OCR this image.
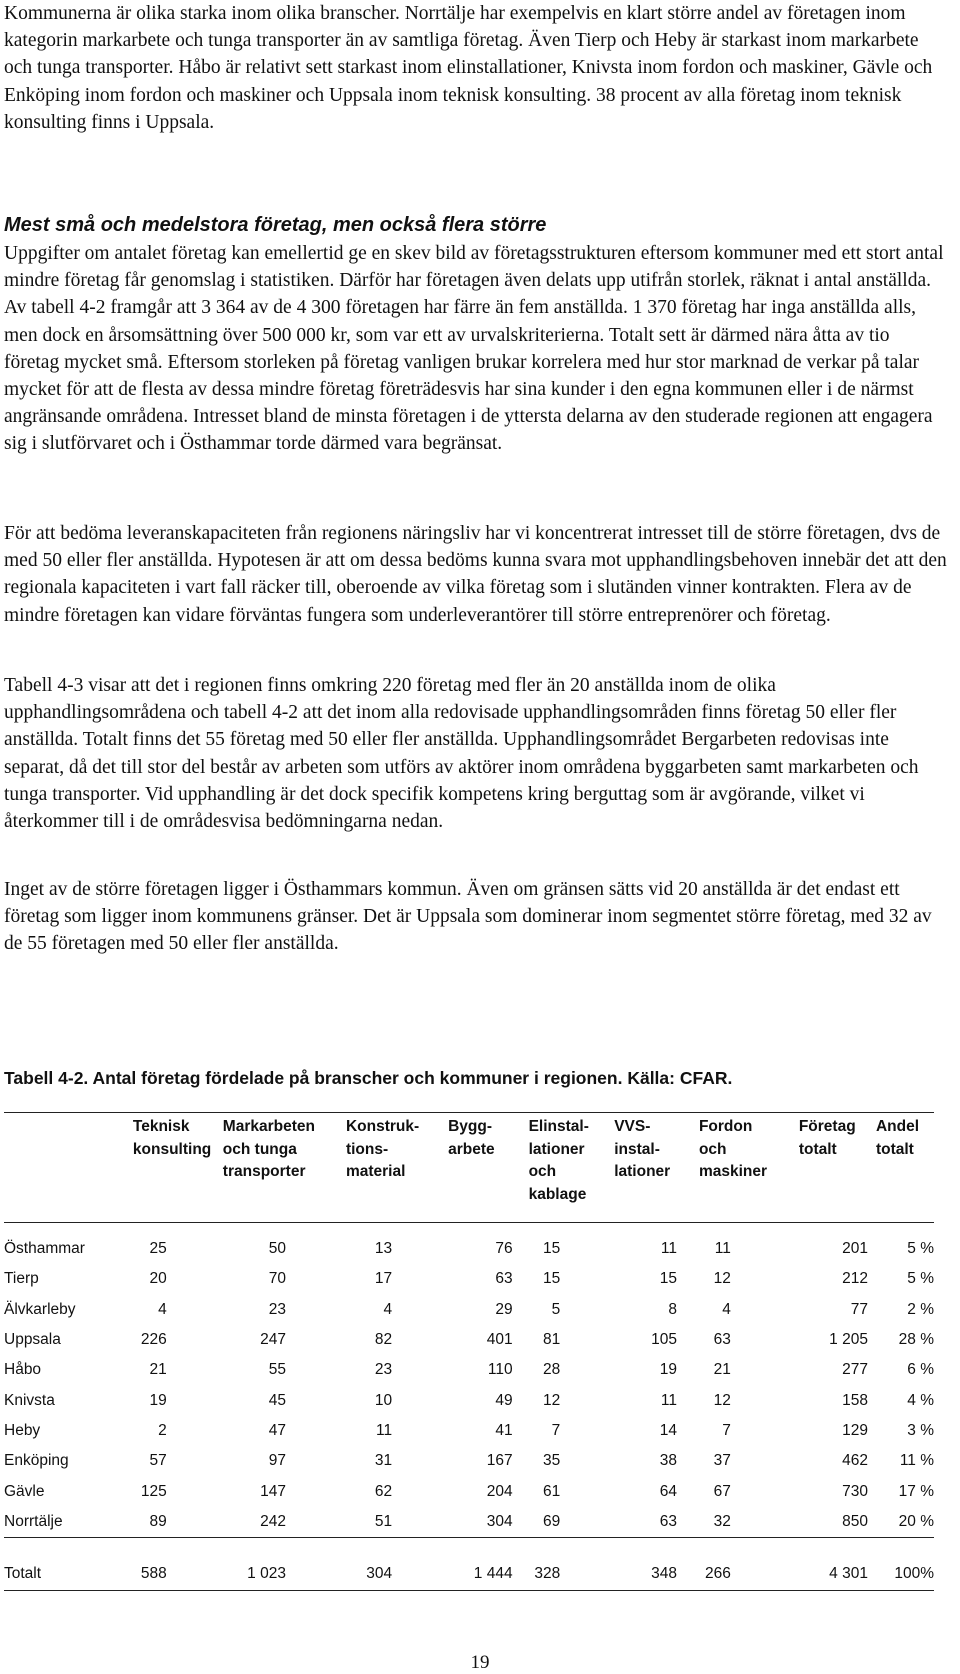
Kommunerna är olika starka inom olika branscher. Norrtälje har exempelvis en klart större andel av företagen inom kategorin markarbete och tunga transporter än av samtliga företag. Även Tierp och Heby är starkast inom markarbete och tunga transporter. Håbo är relativt sett starkast inom elinstallationer, Knivsta inom fordon och maskiner, Gävle och Enköping inom fordon och maskiner och Uppsala inom teknisk konsulting. 38 procent av alla företag inom teknisk konsulting finns i Uppsala.

Mest små och medelstora företag, men också flera större

Uppgifter om antalet företag kan emellertid ge en skev bild av företagsstrukturen eftersom kommuner med ett stort antal mindre företag får genomslag i statistiken. Därför har företagen även delats upp utifrån storlek, räknat i antal anställda. Av tabell 4-2 framgår att 3 364 av de 4 300 företagen har färre än fem anställda. 1 370 företag har inga anställda alls, men dock en årsomsättning över 500 000 kr, som var ett av urvalskriterierna. Totalt sett är därmed nära åtta av tio företag mycket små. Eftersom storleken på företag vanligen brukar korrelera med hur stor marknad de verkar på talar mycket för att de flesta av dessa mindre företag företrädesvis har sina kunder i den egna kommunen eller i de närmst angränsande områdena. Intresset bland de minsta företagen i de yttersta delarna av den studerade regionen att engagera sig i slutförvaret och i Östhammar torde därmed vara begränsat.

För att bedöma leveranskapaciteten från regionens näringsliv har vi koncentrerat intresset till de större företagen, dvs de med 50 eller fler anställda. Hypotesen är att om dessa bedöms kunna svara mot upphandlingsbehoven innebär det att den regionala kapaciteten i vart fall räcker till, oberoende av vilka företag som i slutänden vinner kontrakten. Flera av de mindre företagen kan vidare förväntas fungera som underleverantörer till större entreprenörer och företag.

Tabell 4-3 visar att det i regionen finns omkring 220 företag med fler än 20 anställda inom de olika upphandlingsområdena och tabell 4-2 att det inom alla redovisade upphandlingsområden finns företag 50 eller fler anställda. Totalt finns det 55 företag med 50 eller fler anställda. Upphandlingsområdet Bergarbeten redovisas inte separat, då det till stor del består av arbeten som utförs av aktörer inom områdena byggarbeten samt markarbeten och tunga transporter. Vid upphandling är det dock specifik kompetens kring berguttag som är avgörande, vilket vi återkommer till i de områdesvisa bedömningarna nedan.

Inget av de större företagen ligger i Östhammars kommun. Även om gränsen sätts vid 20 anställda är det endast ett företag som ligger inom kommunens gränser. Det är Uppsala som dominerar inom segmentet större företag, med 32 av de 55 företagen med 50 eller fler anställda.

Tabell 4-2. Antal företag fördelade på branscher och kommuner i regionen. Källa: CFAR.

	Teknisk konsulting	Markarbeten och tunga transporter	Konstruk-tions-material	Bygg-arbete	Elinstal-lationer och kablage	VVS-instal-lationer	Fordon och maskiner	Företag totalt	Andel totalt

Östhammar	25	50	13	76	15	11	11	201	5 %
Tierp	20	70	17	63	15	15	12	212	5 %
Älvkarleby	4	23	4	29	5	8	4	77	2 %
Uppsala	226	247	82	401	81	105	63	1 205	28 %
Håbo	21	55	23	110	28	19	21	277	6 %
Knivsta	19	45	10	49	12	11	12	158	4 %
Heby	2	47	11	41	7	14	7	129	3 %
Enköping	57	97	31	167	35	38	37	462	11 %
Gävle	125	147	62	204	61	64	67	730	17 %
Norrtälje	89	242	51	304	69	63	32	850	20 %

Totalt	588	1 023	304	1 444	328	348	266	4 301	100%
19
